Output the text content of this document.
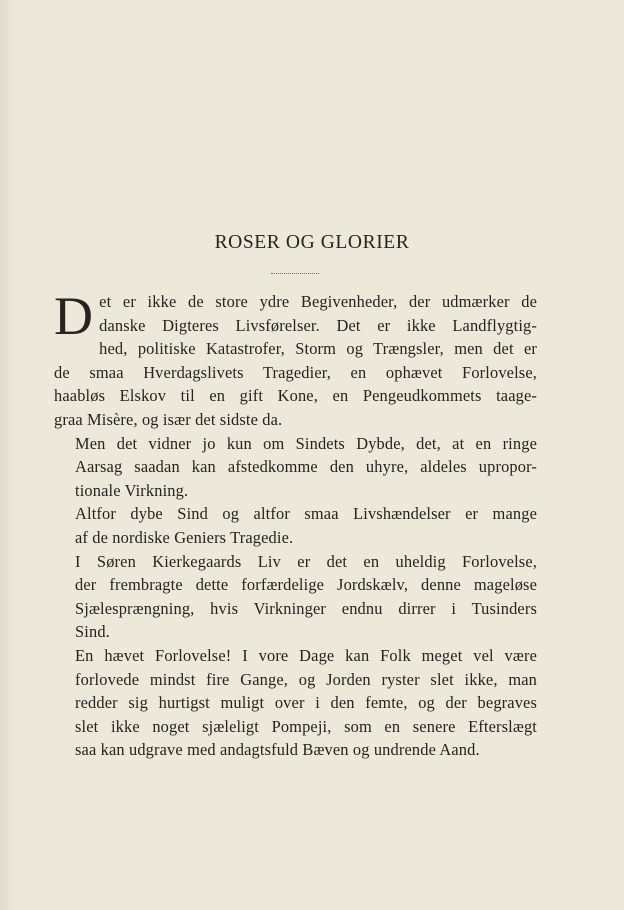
ROSER OG GLORIER

D et er ikke de store ydre Begivenheder, der udmærker de
danske Digteres Livsførelser. Det er ikke Landflygtig-
hed, politiske Katastrofer, Storm og Trængsler, men det er
de smaa Hverdagslivets Tragedier, en ophævet Forlovelse,
haabløs Elskov til en gift Kone, en Pengeudkommets taage-
graa Misère, og især det sidste da.

Men det vidner jo kun om Sindets Dybde, det, at en ringe
Aarsag saadan kan afstedkomme den uhyre, aldeles upropor-
tionale Virkning.

Altfor dybe Sind og altfor smaa Livshændelser er mange
af de nordiske Geniers Tragedie.

I Søren Kierkegaards Liv er det en uheldig Forlovelse,
der frembragte dette forfærdelige Jordskælv, denne mageløse
Sjælesprængning, hvis Virkninger endnu dirrer i Tusinders
Sind.

En hævet Forlovelse! I vore Dage kan Folk meget vel være
forlovede mindst fire Gange, og Jorden ryster slet ikke, man
redder sig hurtigst muligt over i den femte, og der begraves
slet ikke noget sjæleligt Pompeji, som en senere Efterslægt
saa kan udgrave med andagtsfuld Bæven og undrende Aand.
